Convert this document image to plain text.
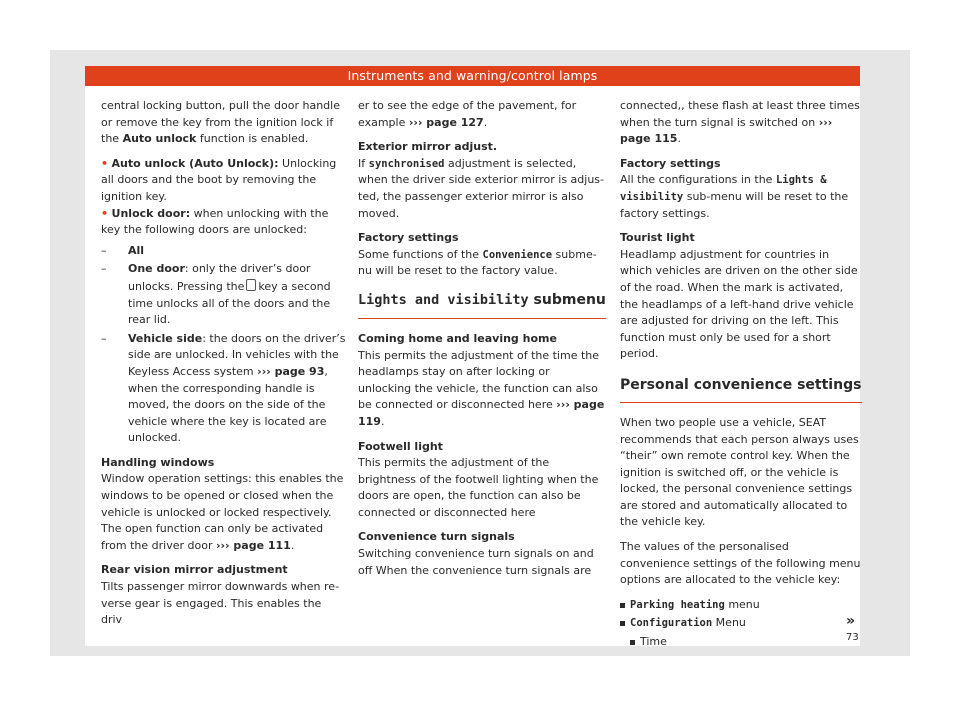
Instruments and warning/control lamps

central locking button, pull the door handle or remove the key from the ignition lock if the Auto unlock function is enabled.

• Auto unlock (Auto Unlock): Unlocking all doors and the boot by removing the ignition key.

• Unlock door: when unlocking with the key the following doors are unlocked:

– All
– One door: only the driver’s door unlocks. Pressing the key a second time unlocks all of the doors and the rear lid.
– Vehicle side: the doors on the driver’s side are unlocked. In vehicles with the Keyless Access system ››› page 93, when the corresponding handle is moved, the doors on the side of the vehicle where the key is located are unlocked.

Handling windows

Window operation settings: this enables the windows to be opened or closed when the vehicle is unlocked or locked respectively. The open function can only be activated from the driver door ››› page 111.

Rear vision mirror adjustment

Tilts passenger mirror downwards when reverse gear is engaged. This enables the driv

er to see the edge of the pavement, for example ››› page 127.

Exterior mirror adjust.

If synchronised adjustment is selected, when the driver side exterior mirror is adjusted, the passenger exterior mirror is also moved.

Factory settings

Some functions of the Convenience submenu will be reset to the factory value.

Lights and visibility submenu

Coming home and leaving home

This permits the adjustment of the time the headlamps stay on after locking or unlocking the vehicle, the function can also be connected or disconnected here ››› page 119.

Footwell light

This permits the adjustment of the brightness of the footwell lighting when the doors are open, the function can also be connected or disconnected here

Convenience turn signals

Switching convenience turn signals on and off When the convenience turn signals are

connected,, these flash at least three times when the turn signal is switched on ››› page 115.

Factory settings

All the configurations in the Lights & visibility sub-menu will be reset to the factory settings.

Tourist light

Headlamp adjustment for countries in which vehicles are driven on the other side of the road. When the mark is activated, the headlamps of a left-hand drive vehicle are adjusted for driving on the left. This function must only be used for a short period.

Personal convenience settings

When two people use a vehicle, SEAT recommends that each person always uses “their” own remote control key. When the ignition is switched off, or the vehicle is locked, the personal convenience settings are stored and automatically allocated to the vehicle key.

The values of the personalised convenience settings of the following menu options are allocated to the vehicle key:

Parking heating menu
Configuration Menu
Time
»
73
